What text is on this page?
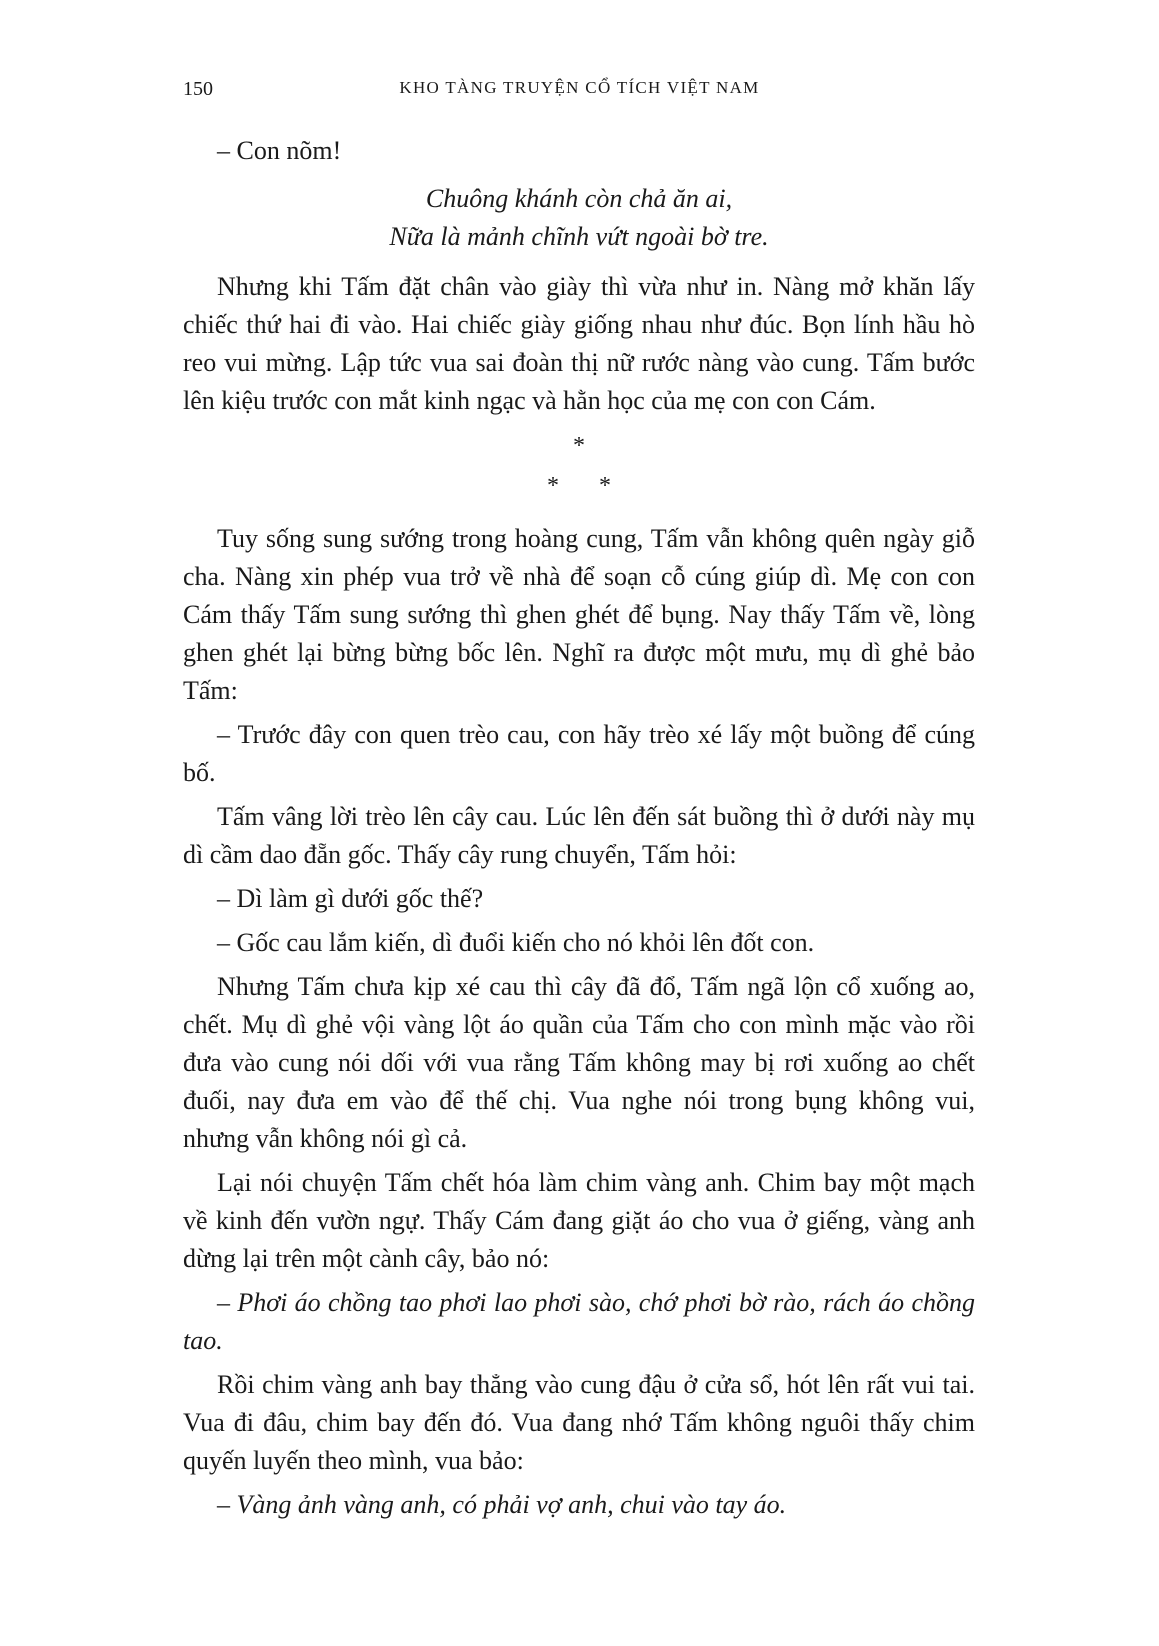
150	KHO TÀNG TRUYỆN CỔ TÍCH VIỆT NAM

– Con nõm!

Chuông khánh còn chả ăn ai,
Nữa là mảnh chĩnh vứt ngoài bờ tre.

Nhưng khi Tấm đặt chân vào giày thì vừa như in. Nàng mở khăn lấy chiếc thứ hai đi vào. Hai chiếc giày giống nhau như đúc. Bọn lính hầu hò reo vui mừng. Lập tức vua sai đoàn thị nữ rước nàng vào cung. Tấm bước lên kiệu trước con mắt kinh ngạc và hằn học của mẹ con con Cám.

*
* *

Tuy sống sung sướng trong hoàng cung, Tấm vẫn không quên ngày giỗ cha. Nàng xin phép vua trở về nhà để soạn cỗ cúng giúp dì. Mẹ con con Cám thấy Tấm sung sướng thì ghen ghét để bụng. Nay thấy Tấm về, lòng ghen ghét lại bừng bừng bốc lên. Nghĩ ra được một mưu, mụ dì ghẻ bảo Tấm:

– Trước đây con quen trèo cau, con hãy trèo xé lấy một buồng để cúng bố.

Tấm vâng lời trèo lên cây cau. Lúc lên đến sát buồng thì ở dưới này mụ dì cầm dao đẵn gốc. Thấy cây rung chuyển, Tấm hỏi:

– Dì làm gì dưới gốc thế?

– Gốc cau lắm kiến, dì đuổi kiến cho nó khỏi lên đốt con.

Nhưng Tấm chưa kịp xé cau thì cây đã đổ, Tấm ngã lộn cổ xuống ao, chết. Mụ dì ghẻ vội vàng lột áo quần của Tấm cho con mình mặc vào rồi đưa vào cung nói dối với vua rằng Tấm không may bị rơi xuống ao chết đuối, nay đưa em vào để thế chị. Vua nghe nói trong bụng không vui, nhưng vẫn không nói gì cả.

Lại nói chuyện Tấm chết hóa làm chim vàng anh. Chim bay một mạch về kinh đến vườn ngự. Thấy Cám đang giặt áo cho vua ở giếng, vàng anh dừng lại trên một cành cây, bảo nó:

– Phơi áo chồng tao phơi lao phơi sào, chớ phơi bờ rào, rách áo chồng tao.

Rồi chim vàng anh bay thẳng vào cung đậu ở cửa sổ, hót lên rất vui tai. Vua đi đâu, chim bay đến đó. Vua đang nhớ Tấm không nguôi thấy chim quyến luyến theo mình, vua bảo:

– Vàng ảnh vàng anh, có phải vợ anh, chui vào tay áo.
